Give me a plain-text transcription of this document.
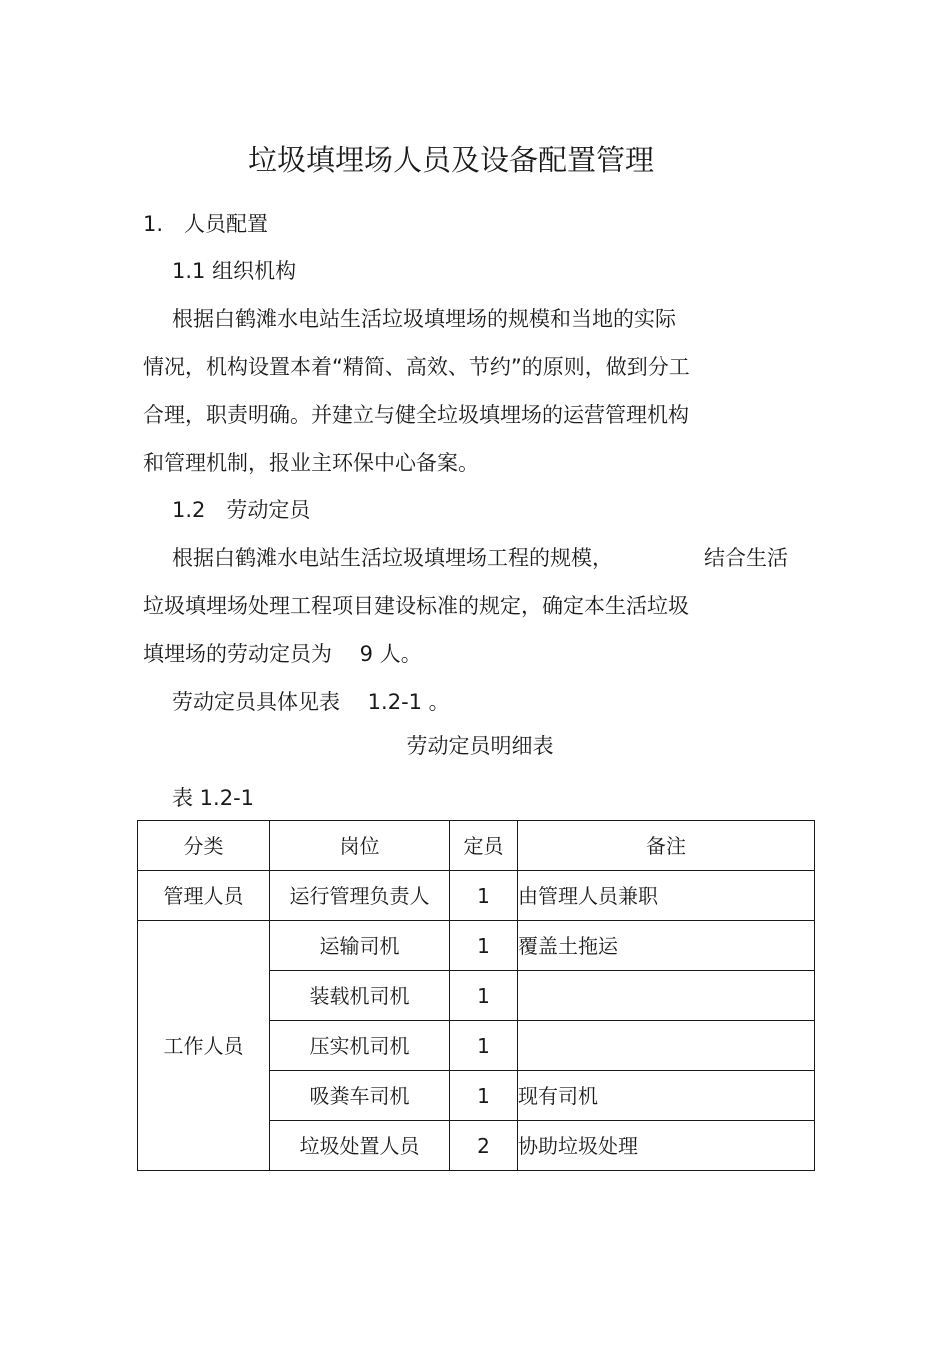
垃圾填埋场人员及设备配置管理
1.　人员配置
1.1 组织机构
根据白鹤滩水电站生活垃圾填埋场的规模和当地的实际
情况，机构设置本着“精简、高效、节约”的原则，做到分工
合理，职责明确。并建立与健全垃圾填埋场的运营管理机构
和管理机制，报业主环保中心备案。
1.2　劳动定员
根据白鹤滩水电站生活垃圾填埋场工程的规模，	结合生活
垃圾填埋场处理工程项目建设标准的规定，确定本生活垃圾
填埋场的劳动定员为　 9 人。
劳动定员具体见表　 1.2-1 。
劳动定员明细表
表 1.2-1
分类	岗位	定员	备注
管理人员	运行管理负责人	1	由管理人员兼职
工作人员	运输司机	1	覆盖土拖运
	装载机司机	1	
	压实机司机	1	
	吸粪车司机	1	现有司机
	垃圾处置人员	2	协助垃圾处理
